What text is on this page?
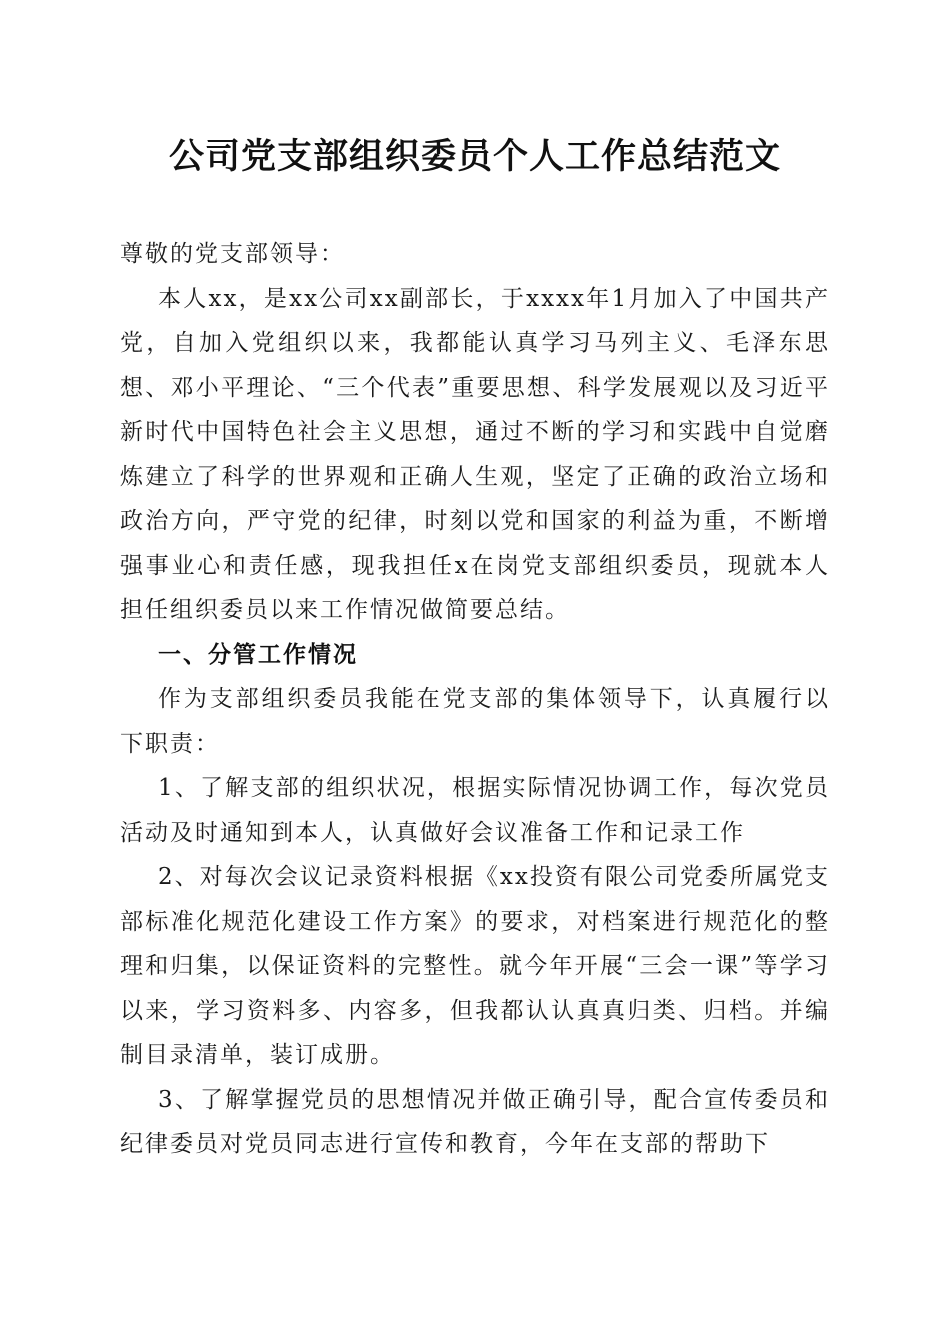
公司党支部组织委员个人工作总结范文

尊敬的党支部领导：

本人xx，是xx公司xx副部长，于xxxx年1月加入了中国共产党，自加入党组织以来，我都能认真学习马列主义、毛泽东思想、邓小平理论、“三个代表”重要思想、科学发展观以及习近平新时代中国特色社会主义思想，通过不断的学习和实践中自觉磨炼建立了科学的世界观和正确人生观，坚定了正确的政治立场和政治方向，严守党的纪律，时刻以党和国家的利益为重，不断增强事业心和责任感，现我担任x在岗党支部组织委员，现就本人担任组织委员以来工作情况做简要总结。

一、分管工作情况

作为支部组织委员我能在党支部的集体领导下，认真履行以下职责：

1、了解支部的组织状况，根据实际情况协调工作，每次党员活动及时通知到本人，认真做好会议准备工作和记录工作

2、对每次会议记录资料根据《xx投资有限公司党委所属党支部标准化规范化建设工作方案》的要求，对档案进行规范化的整理和归集，以保证资料的完整性。就今年开展“三会一课”等学习以来，学习资料多、内容多，但我都认认真真归类、归档。并编制目录清单，装订成册。

3、了解掌握党员的思想情况并做正确引导，配合宣传委员和纪律委员对党员同志进行宣传和教育，今年在支部的帮助下
